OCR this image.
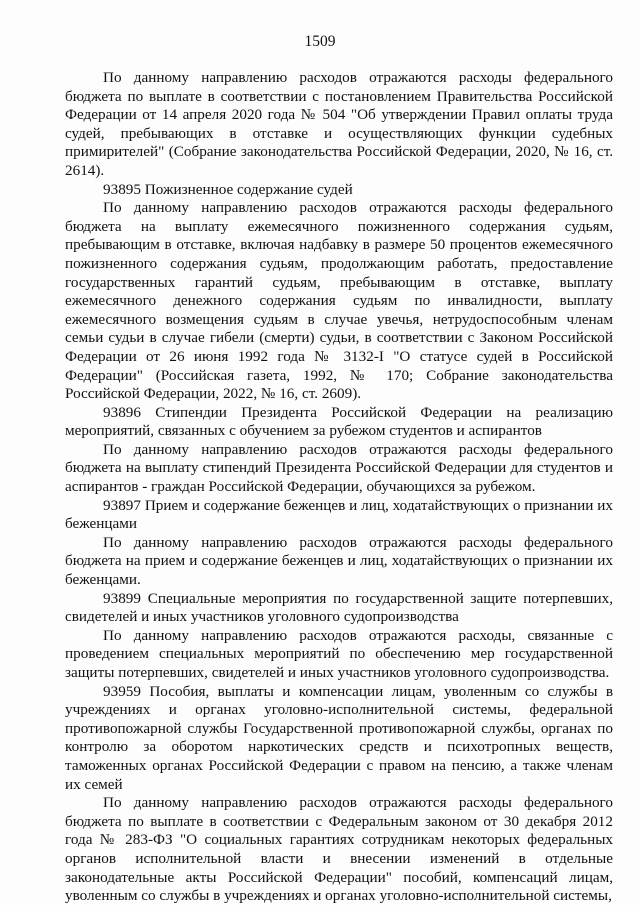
1509

По данному направлению расходов отражаются расходы федерального бюджета по выплате в соответствии с постановлением Правительства Российской Федерации от 14 апреля 2020 года № 504 "Об утверждении Правил оплаты труда судей, пребывающих в отставке и осуществляющих функции судебных примирителей" (Собрание законодательства Российской Федерации, 2020, № 16, ст. 2614).

93895 Пожизненное содержание судей

По данному направлению расходов отражаются расходы федерального бюджета на выплату ежемесячного пожизненного содержания судьям, пребывающим в отставке, включая надбавку в размере 50 процентов ежемесячного пожизненного содержания судьям, продолжающим работать, предоставление государственных гарантий судьям, пребывающим в отставке, выплату ежемесячного денежного содержания судьям по инвалидности, выплату ежемесячного возмещения судьям в случае увечья, нетрудоспособным членам семьи судьи в случае гибели (смерти) судьи, в соответствии с Законом Российской Федерации от 26 июня 1992 года № 3132-I "О статусе судей в Российской Федерации" (Российская газета, 1992, № 170; Собрание законодательства Российской Федерации, 2022, № 16, ст. 2609).

93896 Стипендии Президента Российской Федерации на реализацию мероприятий, связанных с обучением за рубежом студентов и аспирантов

По данному направлению расходов отражаются расходы федерального бюджета на выплату стипендий Президента Российской Федерации для студентов и аспирантов - граждан Российской Федерации, обучающихся за рубежом.

93897 Прием и содержание беженцев и лиц, ходатайствующих о признании их беженцами

По данному направлению расходов отражаются расходы федерального бюджета на прием и содержание беженцев и лиц, ходатайствующих о признании их беженцами.

93899 Специальные мероприятия по государственной защите потерпевших, свидетелей и иных участников уголовного судопроизводства

По данному направлению расходов отражаются расходы, связанные с проведением специальных мероприятий по обеспечению мер государственной защиты потерпевших, свидетелей и иных участников уголовного судопроизводства.

93959 Пособия, выплаты и компенсации лицам, уволенным со службы в учреждениях и органах уголовно-исполнительной системы, федеральной противопожарной службы Государственной противопожарной службы, органах по контролю за оборотом наркотических средств и психотропных веществ, таможенных органах Российской Федерации с правом на пенсию, а также членам их семей

По данному направлению расходов отражаются расходы федерального бюджета по выплате в соответствии с Федеральным законом от 30 декабря 2012 года № 283-ФЗ "О социальных гарантиях сотрудникам некоторых федеральных органов исполнительной власти и внесении изменений в отдельные законодательные акты Российской Федерации" пособий, компенсаций лицам, уволенным со службы в учреждениях и органах уголовно-исполнительной системы,
